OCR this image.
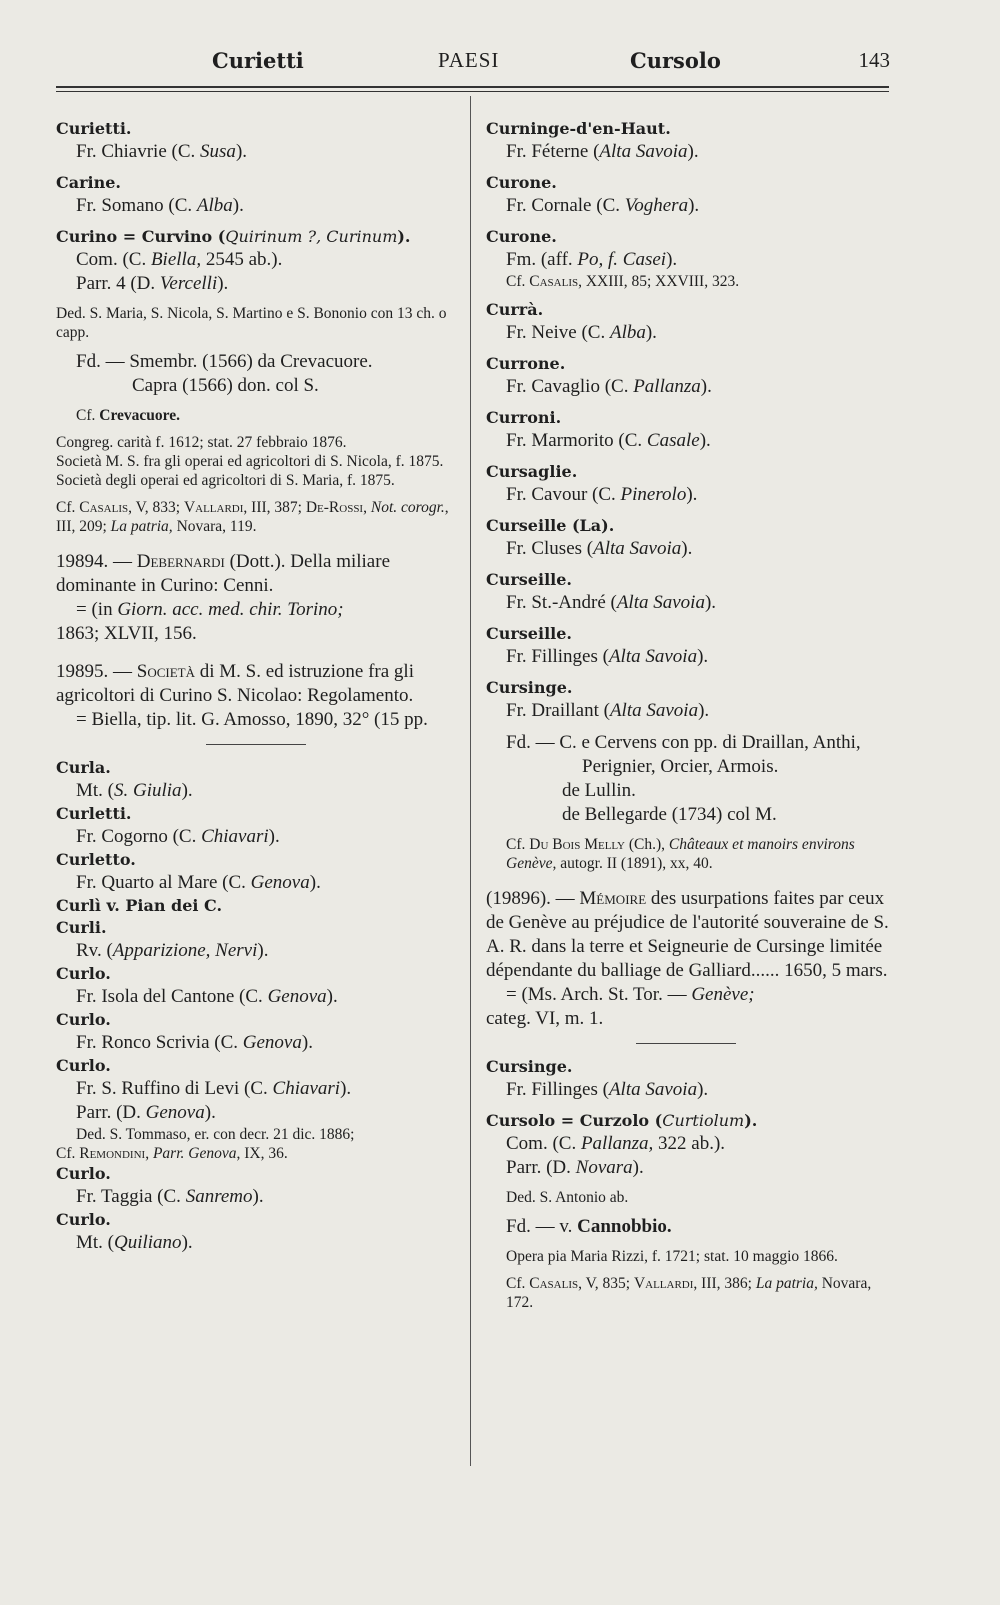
Curietti	PAESI	Cursolo	143

Curietti.

Fr. Chiavrie (C. Susa).

Carine.

Fr. Somano (C. Alba).

Curino = Curvino (Quirinum ?, Curinum).

Com. (C. Biella, 2545 ab.).

Parr. 4 (D. Vercelli).

Ded. S. Maria, S. Nicola, S. Martino e S. Bononio con 13 ch. o capp.

Fd. — Smembr. (1566) da Crevacuore.

Capra (1566) don. col S.

Cf. Crevacuore.

Congreg. carità f. 1612; stat. 27 febbraio 1876.

Società M. S. fra gli operai ed agricoltori di S. Nicola, f. 1875.

Società degli operai ed agricoltori di S. Maria, f. 1875.

Cf. Casalis, V, 833; Vallardi, III, 387; De-Rossi, Not. corogr., III, 209; La patria, Novara, 119.

19894. — Debernardi (Dott.). Della miliare dominante in Curino: Cenni.

= (in Giorn. acc. med. chir. Torino;

1863; XLVII, 156.

19895. — Società di M. S. ed istruzione fra gli agricoltori di Curino S. Nicolao: Regolamento.

= Biella, tip. lit. G. Amosso, 1890, 32° (15 pp.

Curla.

Mt. (S. Giulia).

Curletti.

Fr. Cogorno (C. Chiavari).

Curletto.

Fr. Quarto al Mare (C. Genova).

Curlì v. Pian dei C.

Curli.

Rv. (Apparizione, Nervi).

Curlo.

Fr. Isola del Cantone (C. Genova).

Curlo.

Fr. Ronco Scrivia (C. Genova).

Curlo.

Fr. S. Ruffino di Levi (C. Chiavari).

Parr. (D. Genova).

Ded. S. Tommaso, er. con decr. 21 dic. 1886;

Cf. Remondini, Parr. Genova, IX, 36.

Curlo.

Fr. Taggia (C. Sanremo).

Curlo.

Mt. (Quiliano).

Curninge-d'en-Haut.

Fr. Féterne (Alta Savoia).

Curone.

Fr. Cornale (C. Voghera).

Curone.

Fm. (aff. Po, f. Casei).

Cf. Casalis, XXIII, 85; XXVIII, 323.

Currà.

Fr. Neive (C. Alba).

Currone.

Fr. Cavaglio (C. Pallanza).

Curroni.

Fr. Marmorito (C. Casale).

Cursaglie.

Fr. Cavour (C. Pinerolo).

Curseille (La).

Fr. Cluses (Alta Savoia).

Curseille.

Fr. St.-André (Alta Savoia).

Curseille.

Fr. Fillinges (Alta Savoia).

Cursinge.

Fr. Draillant (Alta Savoia).

Fd. — C. e Cervens con pp. di Draillan, Anthi, Perignier, Orcier, Armois.

de Lullin.

de Bellegarde (1734) col M.

Cf. Du Bois Melly (Ch.), Châteaux et manoirs environs Genève, autogr. II (1891), xx, 40.

(19896). — Mémoire des usurpations faites par ceux de Genève au préjudice de l'autorité souveraine de S. A. R. dans la terre et Seigneurie de Cursinge limitée dépendante du balliage de Galliard...... 1650, 5 mars.

= (Ms. Arch. St. Tor. — Genève;

categ. VI, m. 1.

Cursinge.

Fr. Fillinges (Alta Savoia).

Cursolo = Curzolo (Curtiolum).

Com. (C. Pallanza, 322 ab.).

Parr. (D. Novara).

Ded. S. Antonio ab.

Fd. — v. Cannobbio.

Opera pia Maria Rizzi, f. 1721; stat. 10 maggio 1866.

Cf. Casalis, V, 835; Vallardi, III, 386; La patria, Novara, 172.
